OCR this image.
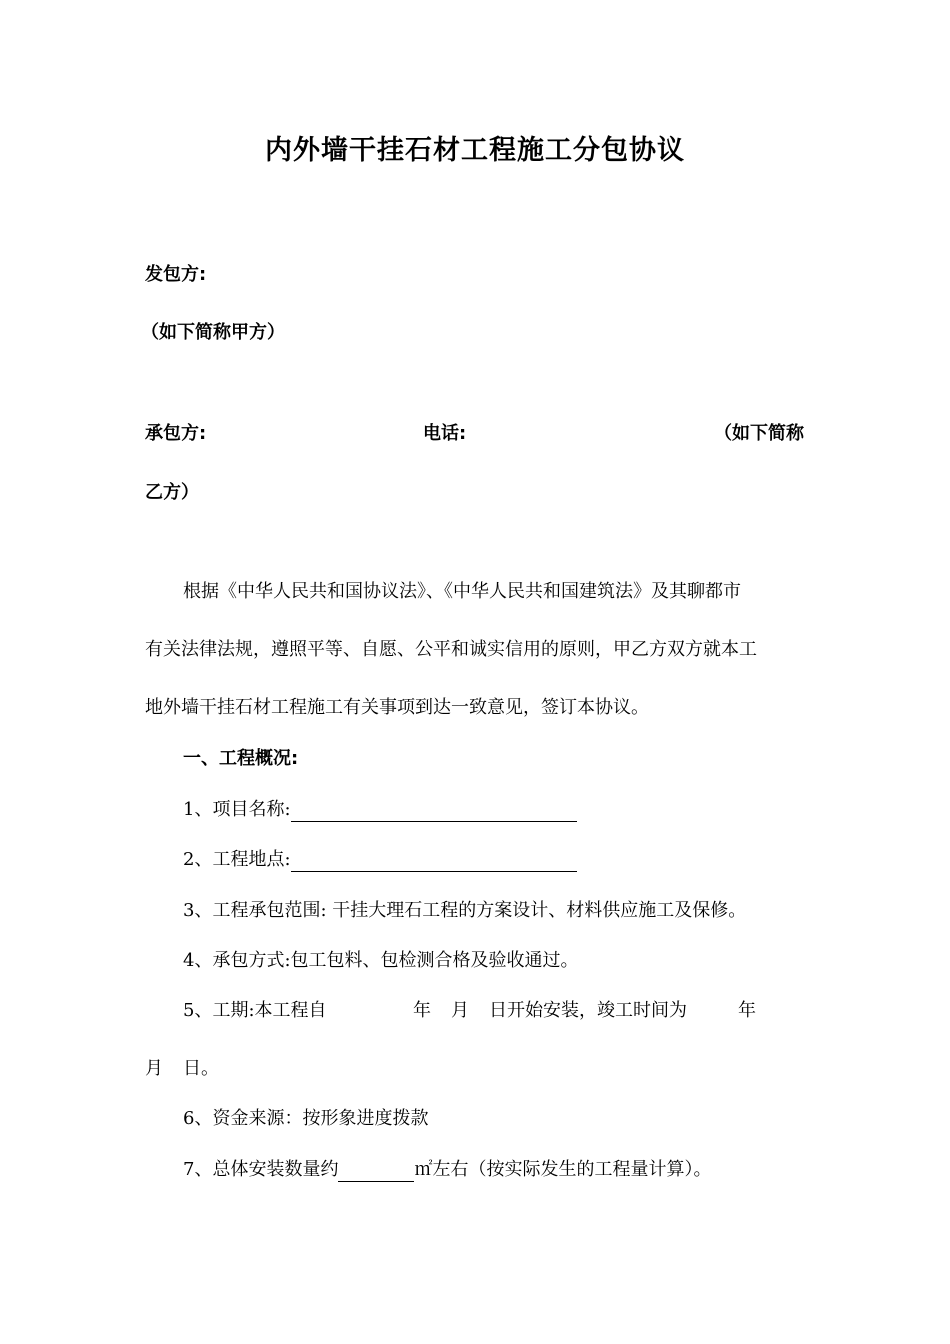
内外墙干挂石材工程施工分包协议
发包方:
（如下简称甲方）
承包方:	电话:	（如下简称
乙方）
根据《中华人民共和国协议法》、《中华人民共和国建筑法》及其聊都市
有关法律法规，遵照平等、自愿、公平和诚实信用的原则，甲乙方双方就本工
地外墙干挂石材工程施工有关事项到达一致意见，签订本协议。
一、工程概况:
1、项目名称:
2、工程地点:
3、工程承包范围: 干挂大理石工程的方案设计、材料供应施工及保修。
4、承包方式:包工包料、包检测合格及验收通过。
5、工期:本工程自	年 月 日开始安装，竣工时间为	年
月 日。
6、资金来源：按形象进度拨款
7、总体安装数量约	㎡左右（按实际发生的工程量计算）。
